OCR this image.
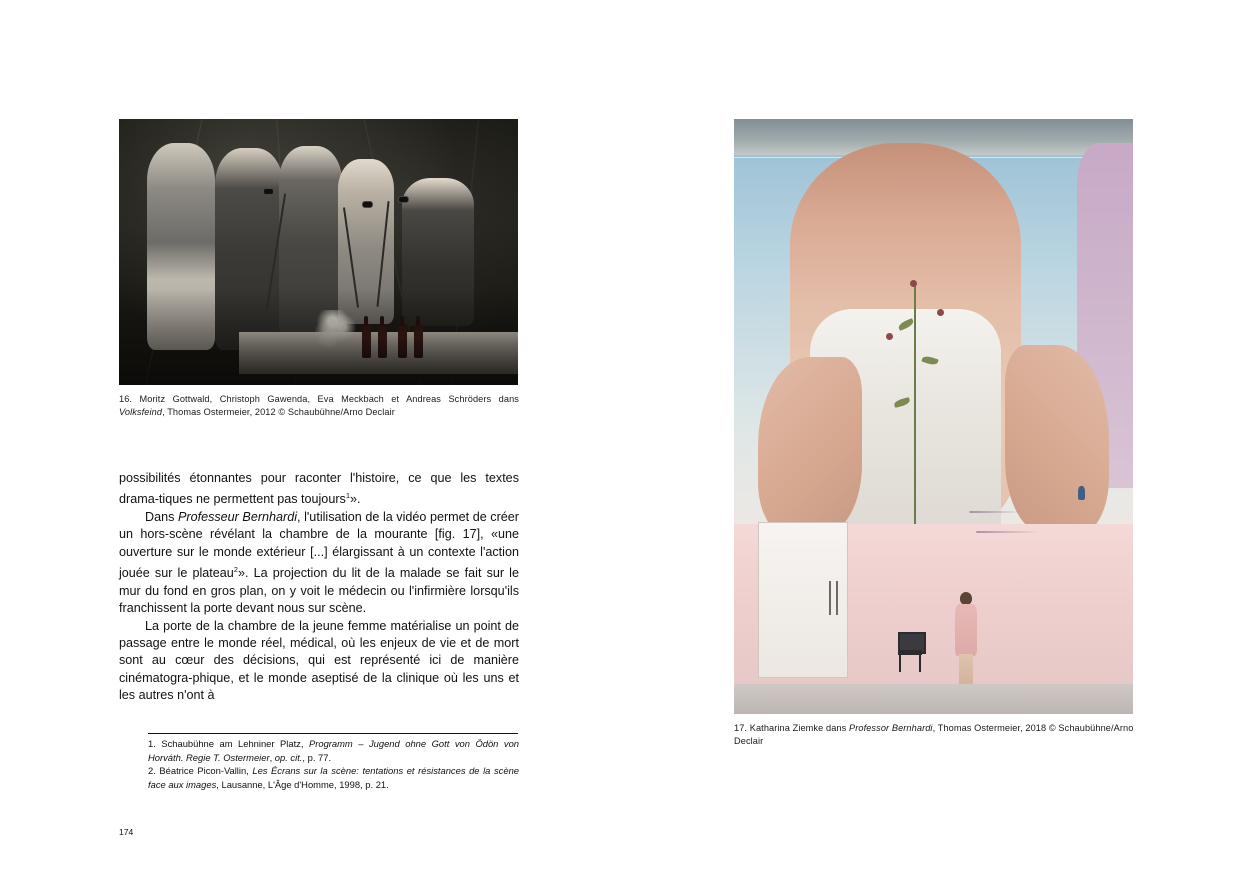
16. Moritz Gottwald, Christoph Gawenda, Eva Meckbach et Andreas Schröders dans Volksfeind, Thomas Ostermeier, 2012 © Schaubühne/Arno Declair

possibilités étonnantes pour raconter l'histoire, ce que les textes drama-tiques ne permettent pas toujours$^1$».

Dans Professeur Bernhardi, l'utilisation de la vidéo permet de créer un hors-scène révélant la chambre de la mourante [fig. 17], «une ouverture sur le monde extérieur [...] élargissant à un contexte l'action jouée sur le plateau$^2$». La projection du lit de la malade se fait sur le mur du fond en gros plan, on y voit le médecin ou l'infirmière lorsqu'ils franchissent la porte devant nous sur scène.

La porte de la chambre de la jeune femme matérialise un point de passage entre le monde réel, médical, où les enjeux de vie et de mort sont au cœur des décisions, qui est représenté ici de manière cinématogra-phique, et le monde aseptisé de la clinique où les uns et les autres n'ont à

1. Schaubühne am Lehniner Platz, Programm – Jugend ohne Gott von Ödön von Horváth. Regie T. Ostermeier, op. cit., p. 77.

2. Béatrice Picon-Vallin, Les Écrans sur la scène: tentations et résistances de la scène face aux images, Lausanne, L'Âge d'Homme, 1998, p. 21.

174
17. Katharina Ziemke dans Professor Bernhardi, Thomas Ostermeier, 2018 © Schaubühne/Arno Declair
